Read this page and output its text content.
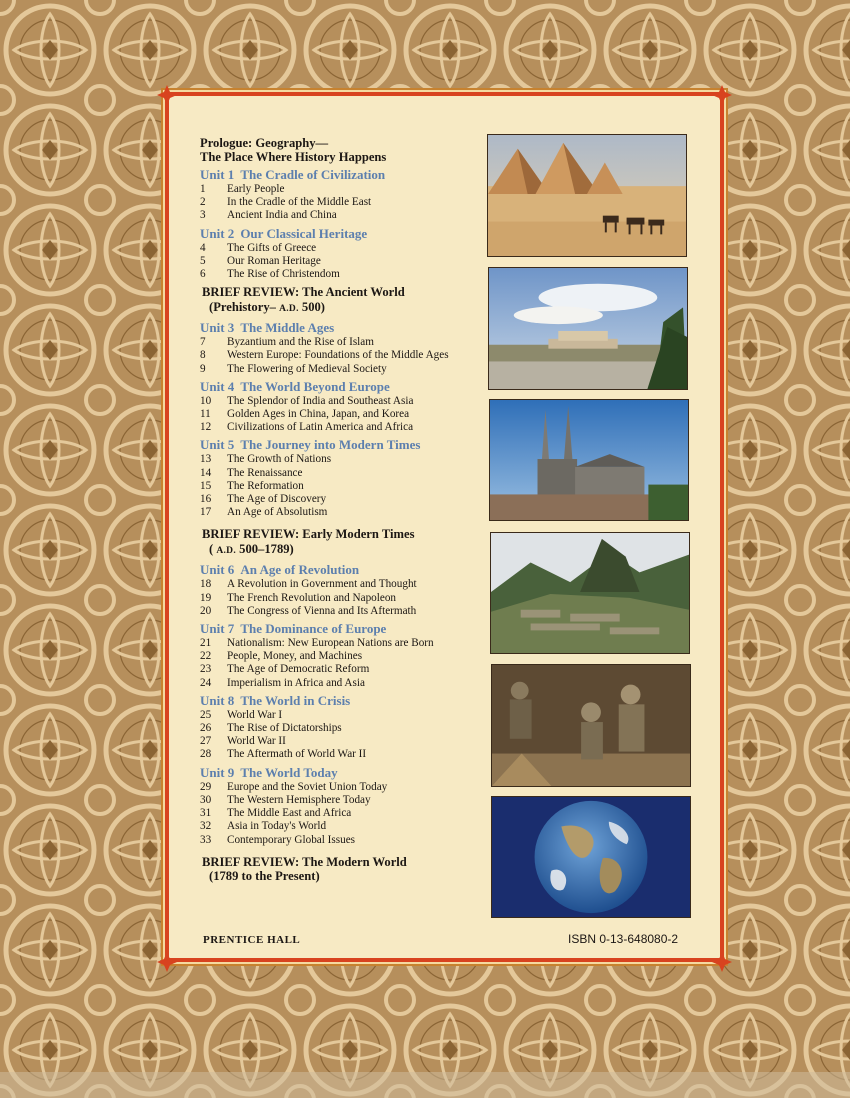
Prologue: Geography—
The Place Where History Happens
Unit 1 The Cradle of Civilization
1	Early People
2	In the Cradle of the Middle East
3	Ancient India and China
Unit 2 Our Classical Heritage
4	The Gifts of Greece
5	Our Roman Heritage
6	The Rise of Christendom
BRIEF REVIEW: The Ancient World
(Prehistory– A.D. 500)
Unit 3 The Middle Ages
7	Byzantium and the Rise of Islam
8	Western Europe: Foundations of the Middle Ages
9	The Flowering of Medieval Society
Unit 4 The World Beyond Europe
10	The Splendor of India and Southeast Asia
11	Golden Ages in China, Japan, and Korea
12	Civilizations of Latin America and Africa
Unit 5 The Journey into Modern Times
13	The Growth of Nations
14	The Renaissance
15	The Reformation
16	The Age of Discovery
17	An Age of Absolutism
BRIEF REVIEW: Early Modern Times
( A.D. 500–1789)
Unit 6 An Age of Revolution
18	A Revolution in Government and Thought
19	The French Revolution and Napoleon
20	The Congress of Vienna and Its Aftermath
Unit 7 The Dominance of Europe
21	Nationalism: New European Nations are Born
22	People, Money, and Machines
23	The Age of Democratic Reform
24	Imperialism in Africa and Asia
Unit 8 The World in Crisis
25	World War I
26	The Rise of Dictatorships
27	World War II
28	The Aftermath of World War II
Unit 9 The World Today
29	Europe and the Soviet Union Today
30	The Western Hemisphere Today
31	The Middle East and Africa
32	Asia in Today's World
33	Contemporary Global Issues
BRIEF REVIEW: The Modern World
(1789 to the Present)
PRENTICE HALL	ISBN 0-13-648080-2
